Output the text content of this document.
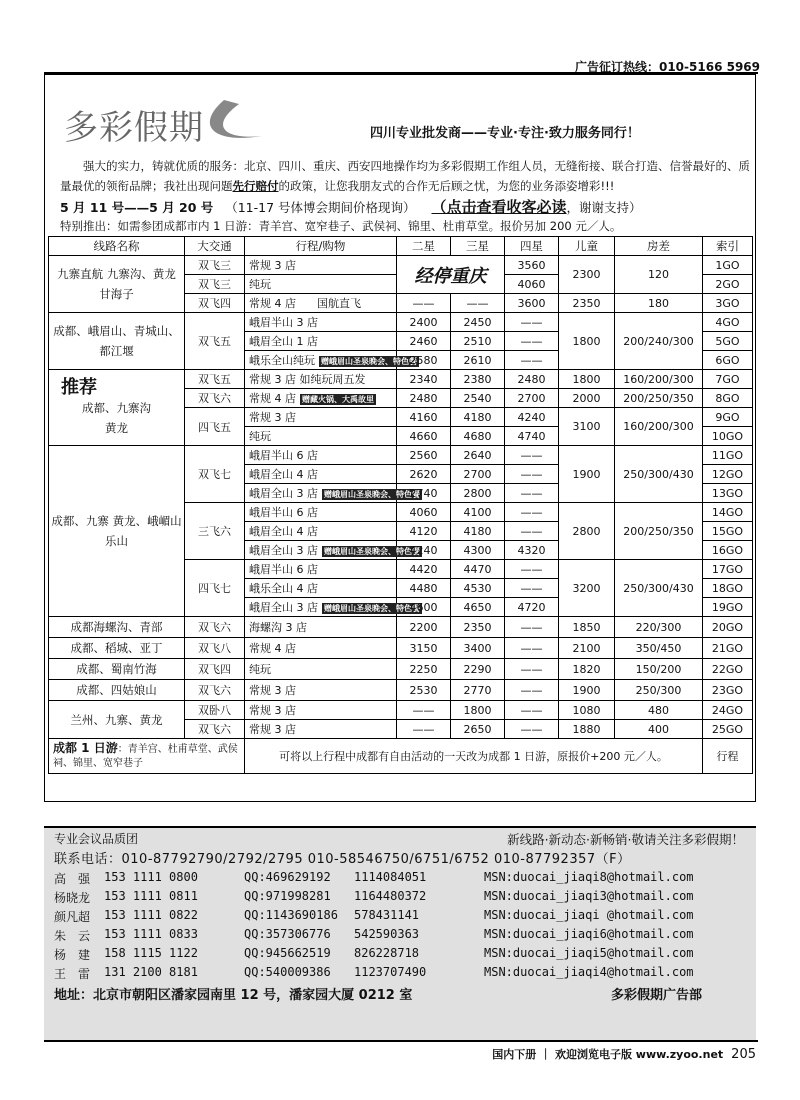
广告征订热线：010-5166 5969
多彩假期	四川专业批发商——专业·专注·致力服务同行！
　　强大的实力，铸就优质的服务：北京、四川、重庆、西安四地操作均为多彩假期工作组人员，无缝衔接、联合打造、信誉最好的、质量最优的领衔品牌；我社出现问题先行赔付的政策，让您我朋友式的合作无后顾之忧，为您的业务添姿增彩!!!
5 月 11 号——5 月 20 号 （11-17 号体博会期间价格现询） （点击查看收客必读，谢谢支持）
特别推出：如需参团成都市内 1 日游：青羊宫、宽窄巷子、武侯祠、锦里、杜甫草堂。报价另加 200 元／人。
线路名称	大交通	行程/购物	二星	三星	四星	儿童	房差	索引
九寨直航 九寨沟、黄龙 甘海子	双飞三	常规 3 店	经停重庆		3560	2300	120	1GO
	双飞三	纯玩			4060			2GO
	双飞四	常规 4 店 国航直飞	——	——	3600	2350	180	3GO
成都、峨眉山、青城山、都江堰	双飞五	峨眉半山 3 店	2400	2450	——	1800	200/240/300	4GO
		峨眉全山 1 店	2460	2510	——			5GO
		峨乐全山纯玩 赠峨眉山圣泉晚会、特色餐	2580	2610	——			6GO

推荐
成都、九寨沟
黄龙	双飞五	常规 3 店 如纯玩周五发	2340	2380	2480	1800	160/200/300	7GO
	双飞六	常规 4 店 赠藏火锅、大禹故里	2480	2540	2700	2000	200/250/350	8GO
	四飞五	常规 3 店	4160	4180	4240	3100	160/200/300	9GO
		纯玩	4660	4680	4740			10GO
成都、九寨 黄龙、峨嵋山 乐山	双飞七	峨眉半山 6 店	2560	2640	——	1900	250/300/430	11GO
		峨眉全山 4 店	2620	2700	——			12GO
		峨眉全山 3 店 赠峨眉山圣泉晚会、特色餐	2740	2800	——			13GO
	三飞六	峨眉半山 6 店	4060	4100	——	2800	200/250/350	14GO
		峨眉全山 4 店	4120	4180	——			15GO
		峨眉全山 3 店 赠峨眉山圣泉晚会、特色餐	4240	4300	4320			16GO
	四飞七	峨眉半山 6 店	4420	4470	——	3200	250/300/430	17GO
		峨乐全山 4 店	4480	4530	——			18GO
		峨眉全山 3 店 赠峨眉山圣泉晚会、特色餐	4600	4650	4720			19GO
成都海螺沟、青部	双飞六	海螺沟 3 店	2200	2350	——	1850	220/300	20GO
成都、稻城、亚丁	双飞八	常规 4 店	3150	3400	——	2100	350/450	21GO
成都、蜀南竹海	双飞四	纯玩	2250	2290	——	1820	150/200	22GO
成都、四姑娘山	双飞六	常规 3 店	2530	2770	——	1900	250/300	23GO
兰州、九寨、黄龙	双卧八	常规 3 店	——	1800	——	1080	480	24GO
	双飞六	常规 3 店	——	2650	——	1880	400	25GO
成都 1 日游：青羊宫、杜甫草堂、武侯祠、锦里、宽窄巷子		可将以上行程中成都有自由活动的一天改为成都 1 日游，原报价+200 元／人。						行程
专业会议品质团	新线路·新动态·新畅销·敬请关注多彩假期！
联系电话：010-87792790/2792/2795 010-58546750/6751/6752 010-87792357（F）
高　强 153 1111 0800	QQ:469629192 1114084051	MSN:duocai_jiaqi8@hotmail.com
杨晓龙 153 1111 0811	QQ:971998281 1164480372	MSN:duocai_jiaqi3@hotmail.com
颜凡超 153 1111 0822	QQ:1143690186 578431141	MSN:duocai_jiaqi @hotmail.com
朱　云 153 1111 0833	QQ:357306776 542590363	MSN:duocai_jiaqi6@hotmail.com
杨　建 158 1115 1122	QQ:945662519 826228718	MSN:duocai_jiaqi5@hotmail.com
王　雷 131 2100 8181	QQ:540009386 1123707490	MSN:duocai_jiaqi4@hotmail.com
地址：北京市朝阳区潘家园南里 12 号，潘家园大厦 0212 室	多彩假期广告部
国内下册 ｜ 欢迎浏览电子版 www.zyoo.net 205
